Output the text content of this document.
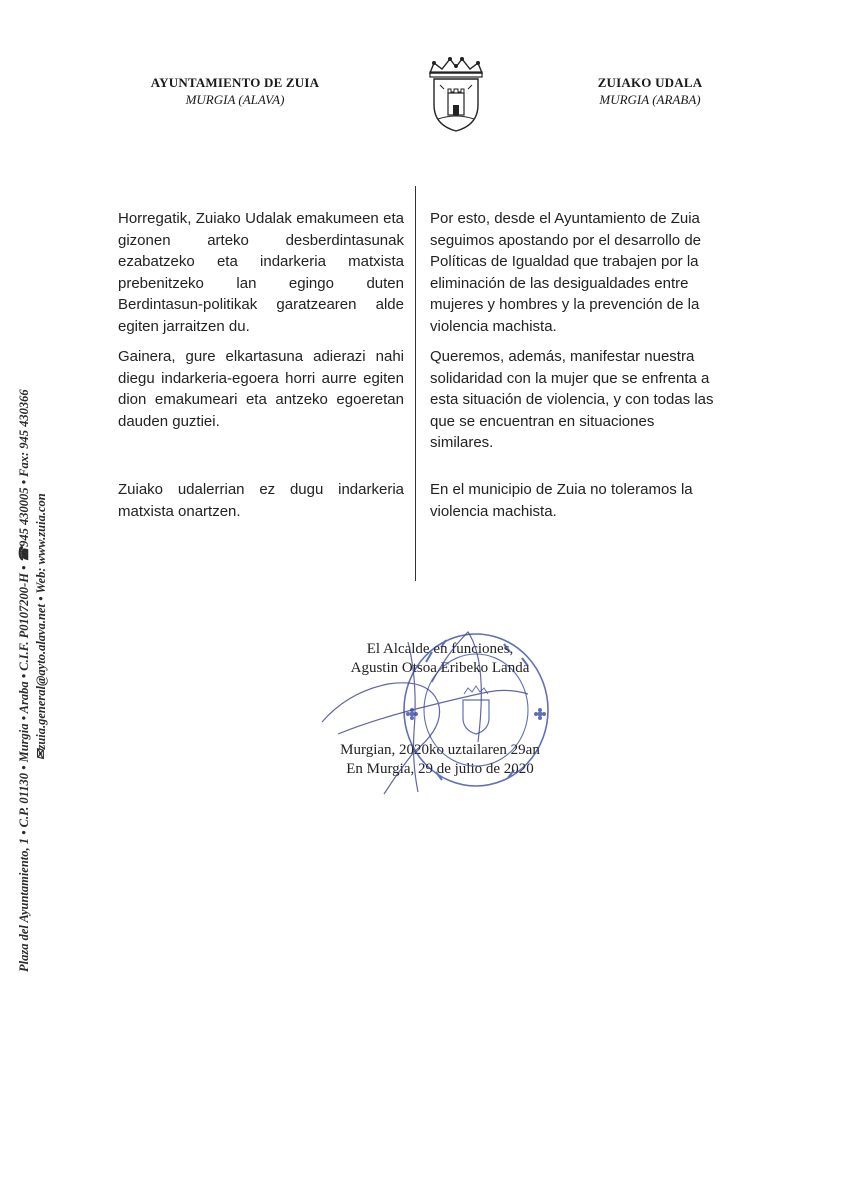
AYUNTAMIENTO DE ZUIA
MURGIA (ALAVA)
ZUIAKO UDALA
MURGIA (ARABA)
Plaza del Ayuntamiento, 1 • C.P. 01130 • Murgia • Araba • C.I.F. P0107200-H • ☎945 430005 • Fax: 945 430366 ✉zuia.general@ayto.alava.net • Web: www.zuia.con

Horregatik, Zuiako Udalak emakumeen eta gizonen arteko desberdintasunak ezabatzeko eta indarkeria matxista prebenitzeko lan egingo duten Berdintasun-politikak garatzearen alde egiten jarraitzen du.

Gainera, gure elkartasuna adierazi nahi diegu indarkeria-egoera horri aurre egiten dion emakumeari eta antzeko egoeretan dauden guztiei.

Zuiako udalerrian ez dugu indarkeria matxista onartzen.

Por esto, desde el Ayuntamiento de Zuia seguimos apostando por el desarrollo de Políticas de Igualdad que trabajen por la eliminación de las desigualdades entre mujeres y hombres y la prevención de la violencia machista.

Queremos, además, manifestar nuestra solidaridad con la mujer que se enfrenta a esta situación de violencia, y con todas las que se encuentran en situaciones similares.

En el municipio de Zuia no toleramos la violencia machista.

El Alcalde en funciones,
Agustin Otsoa Eribeko Landa
Murgian, 2020ko uztailaren 29an
En Murgia, 29 de julio de 2020
